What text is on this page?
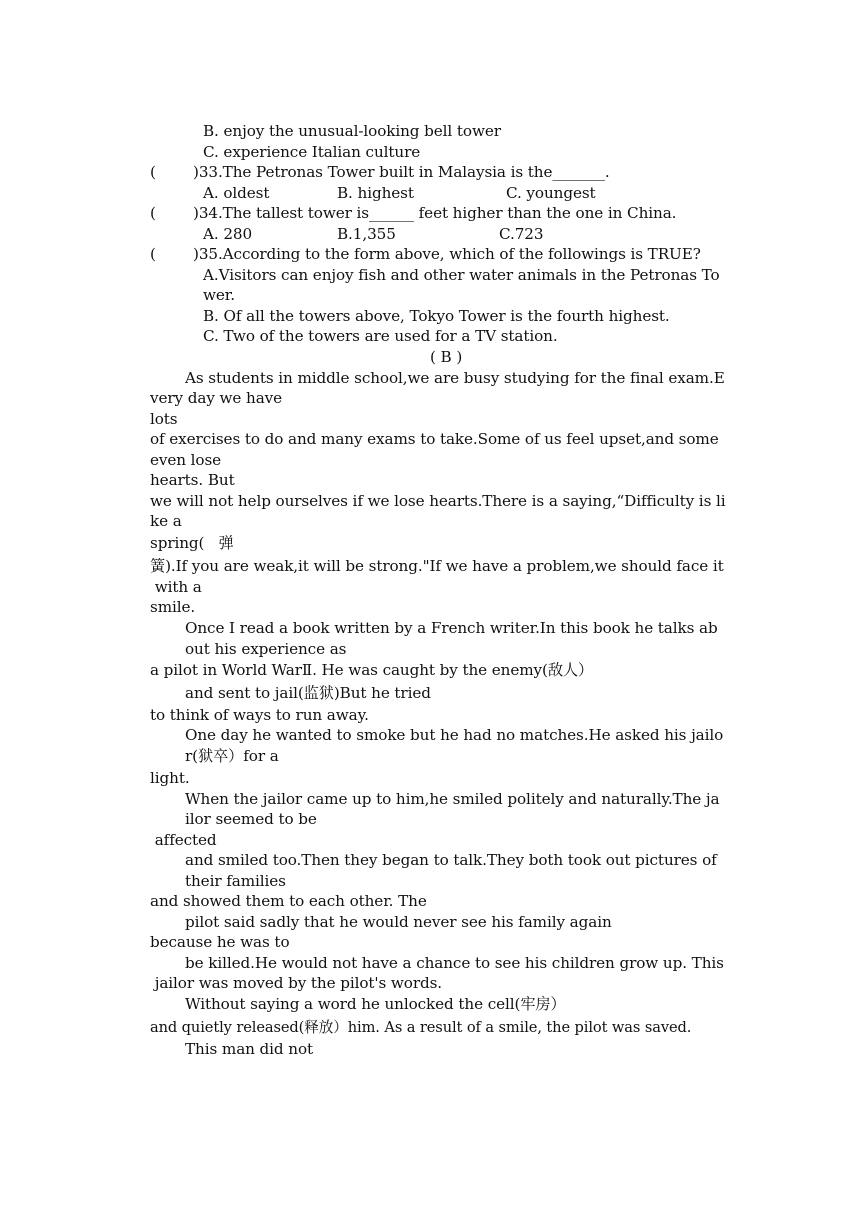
B. enjoy the unusual-looking bell tower
C. experience Italian culture
( )33.The Petronas Tower built in Malaysia is the_______.
A. oldest	B. highest	C. youngest
( )34.The tallest tower is______ feet higher than the one in China.
A. 280	B.1,355	C.723
( )35.According to the form above, which of the followings is TRUE?
A.Visitors can enjoy fish and other water animals in the Petronas To
wer.
B. Of all the towers above, Tokyo Tower is the fourth highest.
C. Two of the towers are used for a TV station.
( B )
As students in middle school,we are busy studying for the final exam.E
very day we have
lots
of exercises to do and many exams to take.Some of us feel upset,and some
even lose
hearts. But
we will not help ourselves if we lose hearts.There is a saying,“Difficulty is li
ke a
spring(   弹
簧).If you are weak,it will be strong."If we have a problem,we should face it
with a
smile.
Once I read a book written by a French writer.In this book he talks ab
out his experience as
a pilot in World WarⅡ. He was caught by the enemy(敌人）
and sent to jail(监狱)But he tried
to think of ways to run away.
One day he wanted to smoke but he had no matches.He asked his jailo
r(狱卒）for a
light.
When the jailor came up to him,he smiled politely and naturally.The ja
ilor seemed to be
affected
and smiled too.Then they began to talk.They both took out pictures of
their families
and showed them to each other. The
pilot said sadly that he would never see his family again
because he was to
be killed.He would not have a chance to see his children grow up. This
jailor was moved by the pilot's words.
Without saying a word he unlocked the cell(牢房）
and quietly released(释放）him. As a result of a smile, the pilot was saved.
This man did not
